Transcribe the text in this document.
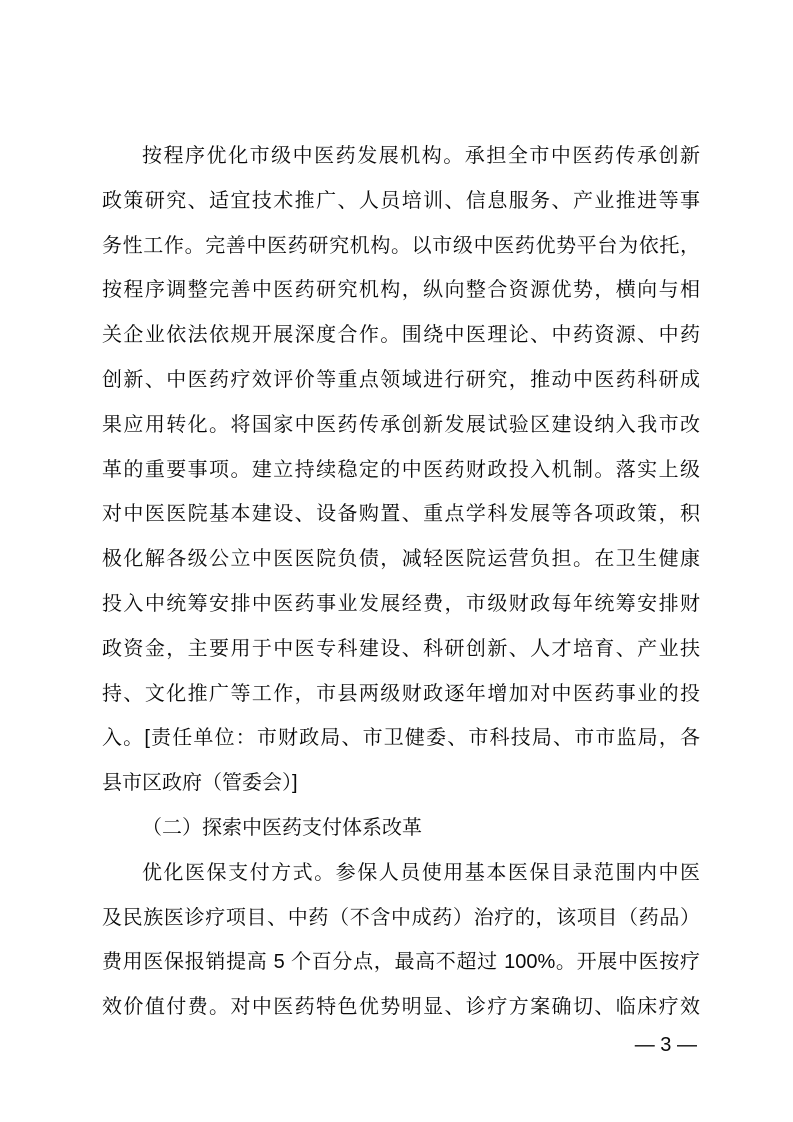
按程序优化市级中医药发展机构。承担全市中医药传承创新
政策研究、适宜技术推广、人员培训、信息服务、产业推进等事
务性工作。完善中医药研究机构。以市级中医药优势平台为依托，
按程序调整完善中医药研究机构，纵向整合资源优势，横向与相
关企业依法依规开展深度合作。围绕中医理论、中药资源、中药
创新、中医药疗效评价等重点领域进行研究，推动中医药科研成
果应用转化。将国家中医药传承创新发展试验区建设纳入我市改
革的重要事项。建立持续稳定的中医药财政投入机制。落实上级
对中医医院基本建设、设备购置、重点学科发展等各项政策，积
极化解各级公立中医医院负债，减轻医院运营负担。在卫生健康
投入中统筹安排中医药事业发展经费，市级财政每年统筹安排财
政资金，主要用于中医专科建设、科研创新、人才培育、产业扶
持、文化推广等工作，市县两级财政逐年增加对中医药事业的投
入。[责任单位：市财政局、市卫健委、市科技局、市市监局，各
县市区政府（管委会）]
（二）探索中医药支付体系改革
优化医保支付方式。参保人员使用基本医保目录范围内中医
及民族医诊疗项目、中药（不含中成药）治疗的，该项目（药品）
费用医保报销提高 5 个百分点，最高不超过 100%。开展中医按疗
效价值付费。对中医药特色优势明显、诊疗方案确切、临床疗效
— 3 —
